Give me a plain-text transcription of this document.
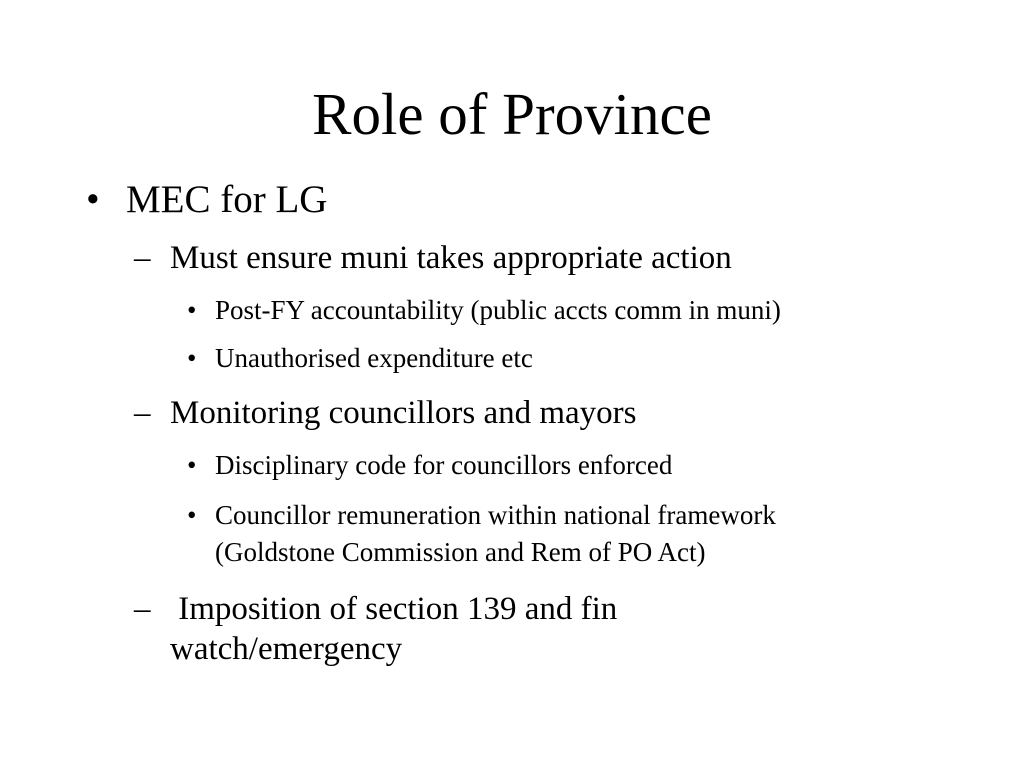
Role of Province
• MEC for LG
– Must ensure muni takes appropriate action
• Post-FY accountability (public accts comm in muni)
• Unauthorised expenditure etc
– Monitoring councillors and mayors
• Disciplinary code for councillors enforced
• Councillor remuneration within national framework
(Goldstone Commission and Rem of PO Act)
– Imposition of section 139 and fin
watch/emergency
